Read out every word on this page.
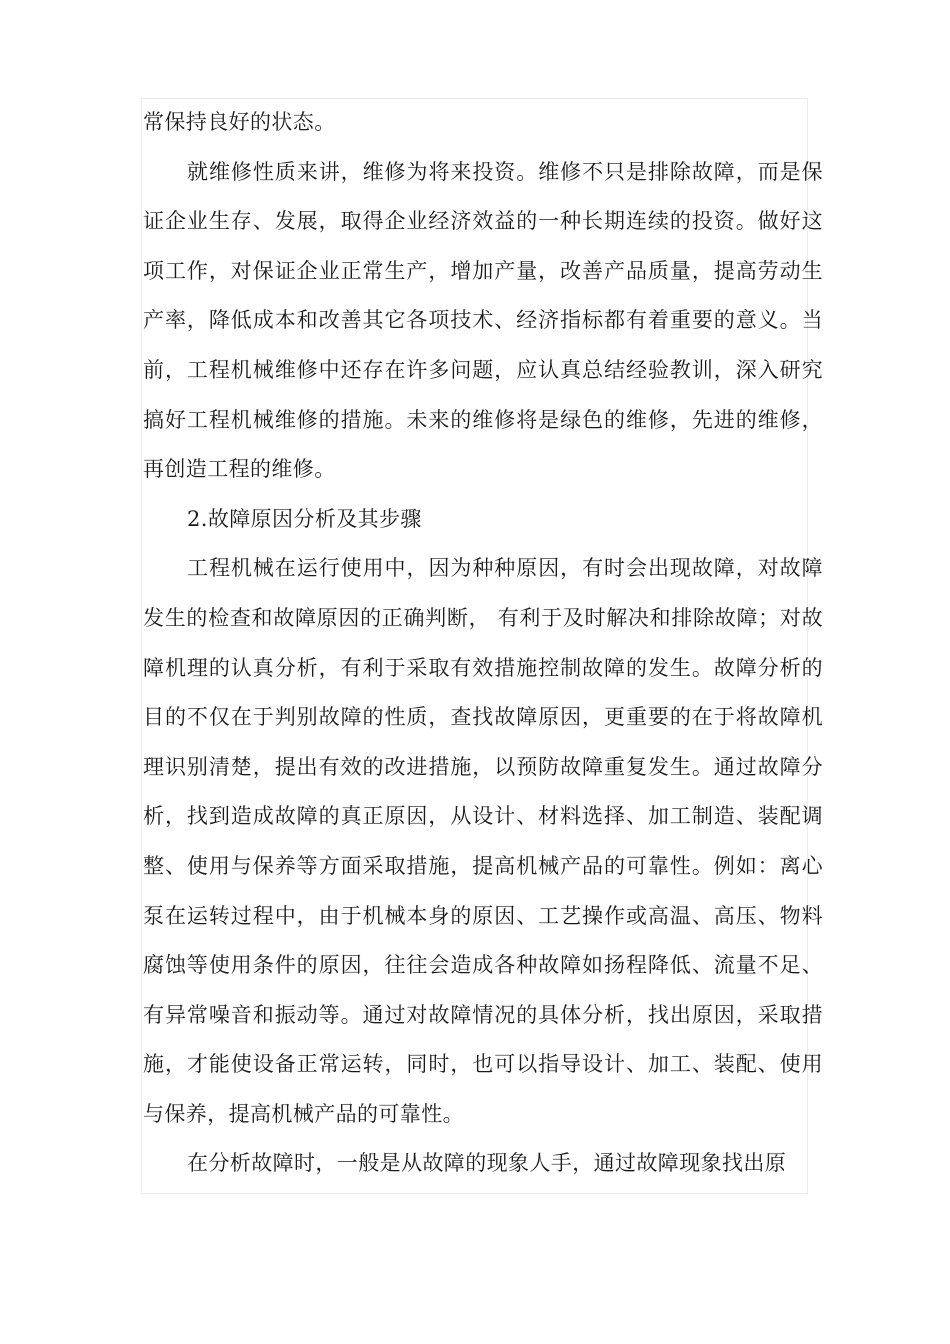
常保持良好的状态。

就维修性质来讲，维修为将来投资。维修不只是排除故障，而是保证企业生存、发展，取得企业经济效益的一种长期连续的投资。做好这项工作，对保证企业正常生产，增加产量，改善产品质量，提高劳动生产率，降低成本和改善其它各项技术、经济指标都有着重要的意义。当前，工程机械维修中还存在许多问题，应认真总结经验教训，深入研究搞好工程机械维修的措施。未来的维修将是绿色的维修，先进的维修，再创造工程的维修。

2.故障原因分析及其步骤

工程机械在运行使用中，因为种种原因，有时会出现故障，对故障发生的检查和故障原因的正确判断， 有利于及时解决和排除故障；对故障机理的认真分析，有利于采取有效措施控制故障的发生。故障分析的目的不仅在于判别故障的性质，查找故障原因，更重要的在于将故障机理识别清楚，提出有效的改进措施，以预防故障重复发生。通过故障分析，找到造成故障的真正原因，从设计、材料选择、加工制造、装配调整、使用与保养等方面采取措施，提高机械产品的可靠性。例如：离心泵在运转过程中，由于机械本身的原因、工艺操作或高温、高压、物料腐蚀等使用条件的原因，往往会造成各种故障如扬程降低、流量不足、有异常噪音和振动等。通过对故障情况的具体分析，找出原因，采取措施，才能使设备正常运转，同时，也可以指导设计、加工、装配、使用与保养，提高机械产品的可靠性。

在分析故障时，一般是从故障的现象人手，通过故障现象找出原
